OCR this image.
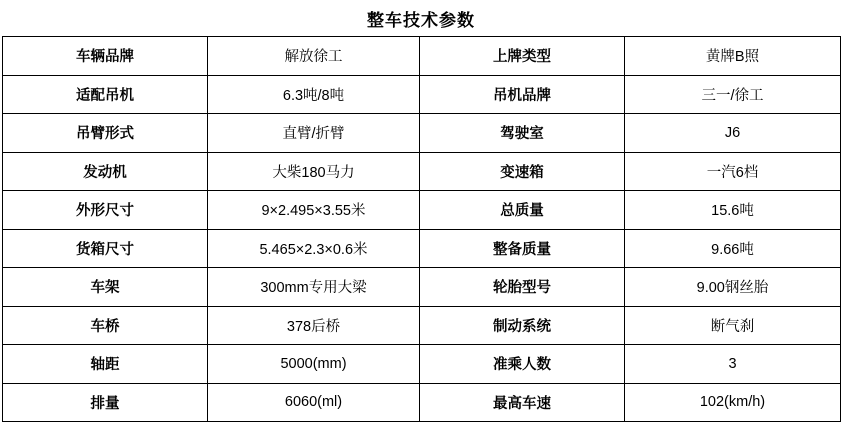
整车技术参数
车辆品牌	解放徐工	上牌类型	黄牌B照
适配吊机	6.3吨/8吨	吊机品牌	三一/徐工
吊臂形式	直臂/折臂	驾驶室	J6
发动机	大柴180马力	变速箱	一汽6档
外形尺寸	9×2.495×3.55米	总质量	15.6吨
货箱尺寸	5.465×2.3×0.6米	整备质量	9.66吨
车架	300mm专用大梁	轮胎型号	9.00钢丝胎
车桥	378后桥	制动系统	断气刹
轴距	5000(mm)	准乘人数	3
排量	6060(ml)	最高车速	102(km/h)
